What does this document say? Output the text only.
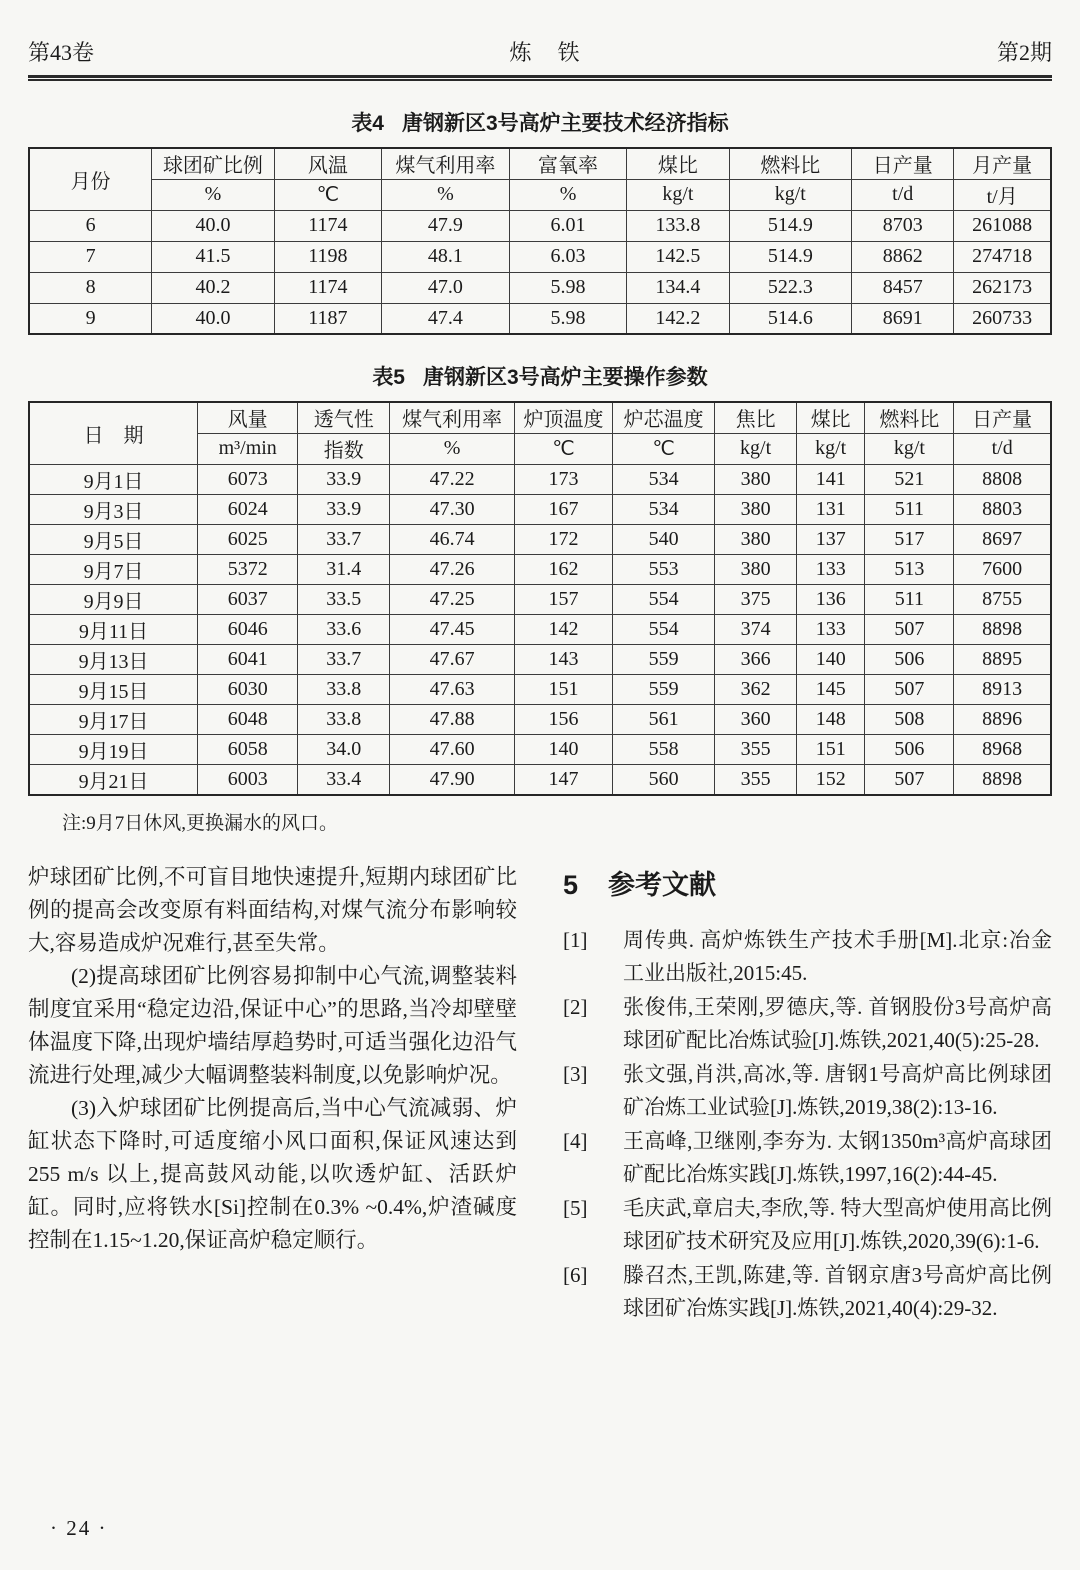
第43卷	炼　铁	第2期
表4 唐钢新区3号高炉主要技术经济指标
月份	球团矿比例	风温	煤气利用率	富氧率	煤比	燃料比	日产量	月产量
	%	℃	%	%	kg/t	kg/t	t/d	t/月
6	40.0	1174	47.9	6.01	133.8	514.9	8703	261088
7	41.5	1198	48.1	6.03	142.5	514.9	8862	274718
8	40.2	1174	47.0	5.98	134.4	522.3	8457	262173
9	40.0	1187	47.4	5.98	142.2	514.6	8691	260733
表5 唐钢新区3号高炉主要操作参数
日　期	风量	透气性	煤气利用率	炉顶温度	炉芯温度	焦比	煤比	燃料比	日产量
	m³/min	指数	%	℃	℃	kg/t	kg/t	kg/t	t/d
9月1日	6073	33.9	47.22	173	534	380	141	521	8808
9月3日	6024	33.9	47.30	167	534	380	131	511	8803
9月5日	6025	33.7	46.74	172	540	380	137	517	8697
9月7日	5372	31.4	47.26	162	553	380	133	513	7600
9月9日	6037	33.5	47.25	157	554	375	136	511	8755
9月11日	6046	33.6	47.45	142	554	374	133	507	8898
9月13日	6041	33.7	47.67	143	559	366	140	506	8895
9月15日	6030	33.8	47.63	151	559	362	145	507	8913
9月17日	6048	33.8	47.88	156	561	360	148	508	8896
9月19日	6058	34.0	47.60	140	558	355	151	506	8968
9月21日	6003	33.4	47.90	147	560	355	152	507	8898
注:9月7日休风,更换漏水的风口。

炉球团矿比例,不可盲目地快速提升,短期内球团矿比例的提高会改变原有料面结构,对煤气流分布影响较大,容易造成炉况难行,甚至失常。

(2)提高球团矿比例容易抑制中心气流,调整装料制度宜采用“稳定边沿,保证中心”的思路,当冷却壁壁体温度下降,出现炉墙结厚趋势时,可适当强化边沿气流进行处理,减少大幅调整装料制度,以免影响炉况。

(3)入炉球团矿比例提高后,当中心气流减弱、炉缸状态下降时,可适度缩小风口面积,保证风速达到255 m/s 以上,提高鼓风动能,以吹透炉缸、活跃炉缸。同时,应将铁水[Si]控制在0.3% ~0.4%,炉渣碱度控制在1.15~1.20,保证高炉稳定顺行。

5 参考文献
[1]	周传典. 高炉炼铁生产技术手册[M].北京:冶金工业出版社,2015:45.
[2]	张俊伟,王荣刚,罗德庆,等. 首钢股份3号高炉高球团矿配比冶炼试验[J].炼铁,2021,40(5):25-28.
[3]	张文强,肖洪,高冰,等. 唐钢1号高炉高比例球团矿冶炼工业试验[J].炼铁,2019,38(2):13-16.
[4]	王高峰,卫继刚,李夯为. 太钢1350m³高炉高球团矿配比冶炼实践[J].炼铁,1997,16(2):44-45.
[5]	毛庆武,章启夫,李欣,等. 特大型高炉使用高比例球团矿技术研究及应用[J].炼铁,2020,39(6):1-6.
[6]	滕召杰,王凯,陈建,等. 首钢京唐3号高炉高比例球团矿冶炼实践[J].炼铁,2021,40(4):29-32.
· 24 ·
